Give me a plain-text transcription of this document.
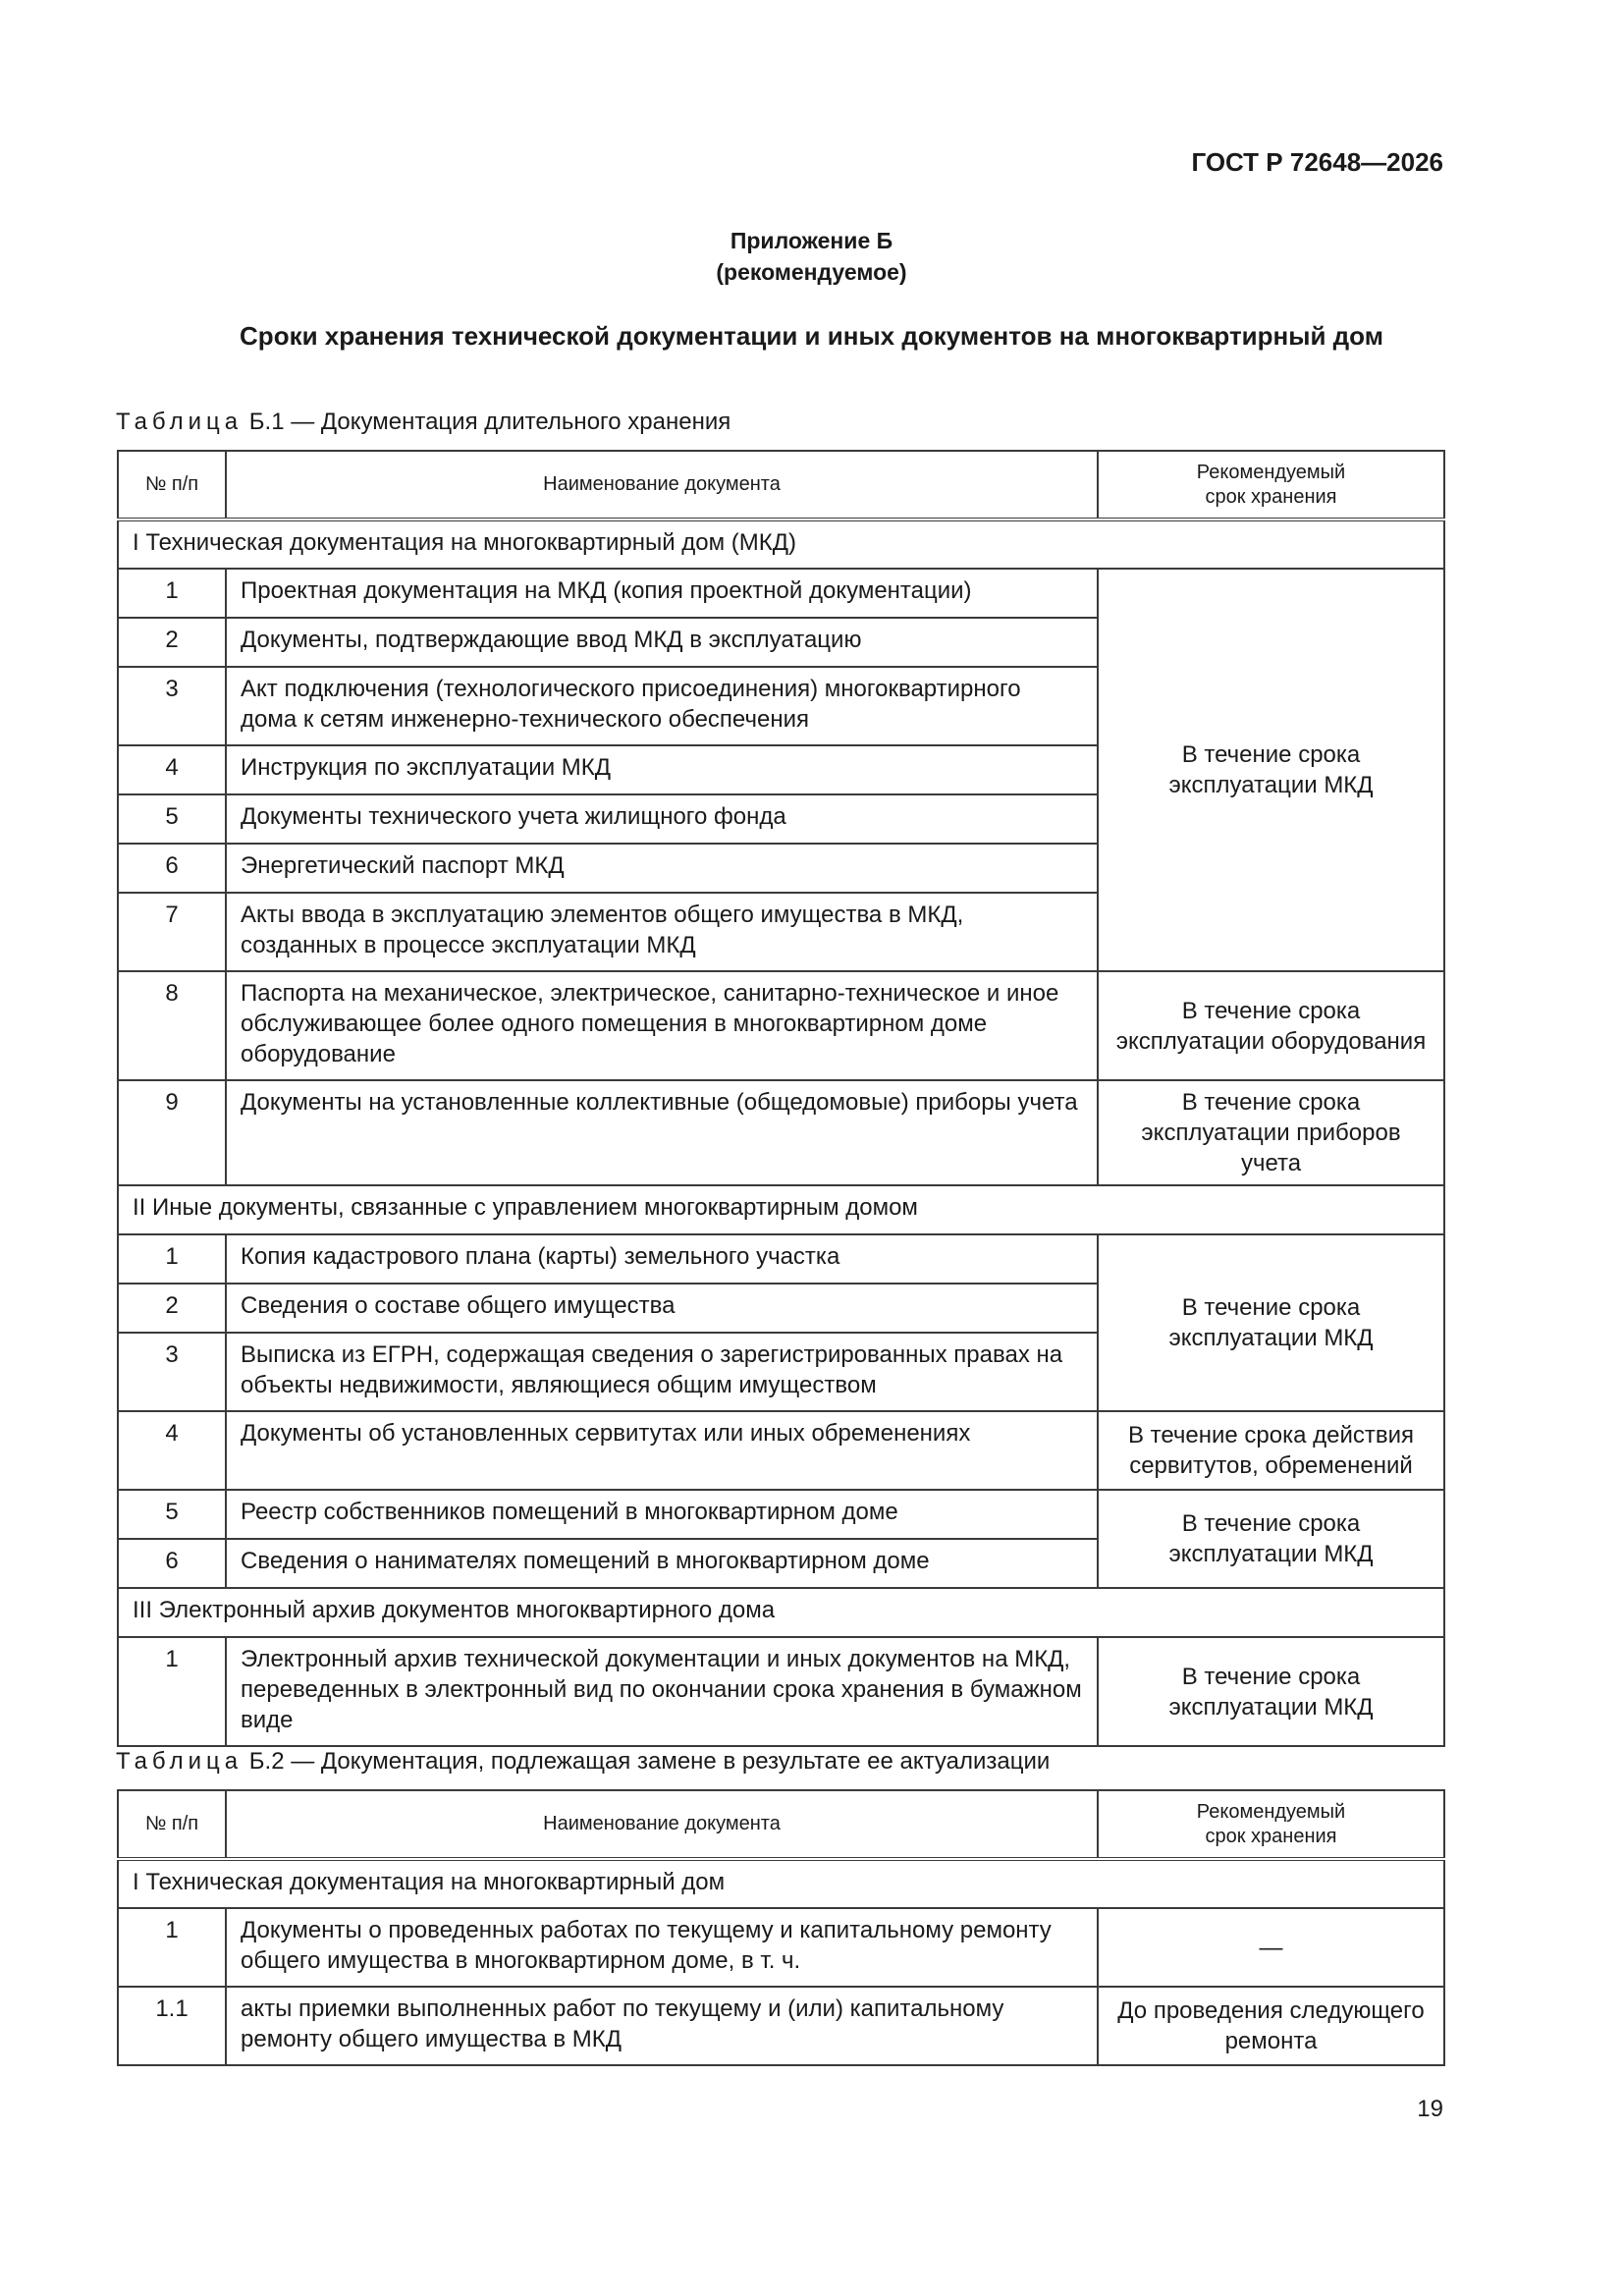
ГОСТ Р 72648—2026
Приложение Б
(рекомендуемое)
Сроки хранения технической документации и иных документов на многоквартирный дом
Таблица Б.1 — Документация длительного хранения
№ п/п	Наименование документа	Рекомендуемый
срок хранения
I Техническая документация на многоквартирный дом (МКД)		
1	Проектная документация на МКД (копия проектной документации)	В течение срока эксплуатации МКД
2	Документы, подтверждающие ввод МКД в эксплуатацию	
3	Акт подключения (технологического присоединения) многоквартирного дома к сетям инженерно-технического обеспечения	
4	Инструкция по эксплуатации МКД	
5	Документы технического учета жилищного фонда	
6	Энергетический паспорт МКД	
7	Акты ввода в эксплуатацию элементов общего имущества в МКД, созданных в процессе эксплуатации МКД	
8	Паспорта на механическое, электрическое, санитарно-техническое и иное обслуживающее более одного помещения в многоквартирном доме оборудование	В течение срока эксплуатации оборудования
9	Документы на установленные коллективные (общедомовые) приборы учета	В течение срока эксплуатации приборов учета
II Иные документы, связанные с управлением многоквартирным домом		
1	Копия кадастрового плана (карты) земельного участка	В течение срока эксплуатации МКД
2	Сведения о составе общего имущества	
3	Выписка из ЕГРН, содержащая сведения о зарегистрированных правах на объекты недвижимости, являющиеся общим имуществом	
4	Документы об установленных сервитутах или иных обременениях	В течение срока действия сервитутов, обременений
5	Реестр собственников помещений в многоквартирном доме	В течение срока эксплуатации МКД
6	Сведения о нанимателях помещений в многоквартирном доме	
III Электронный архив документов многоквартирного дома		
1	Электронный архив технической документации и иных документов на МКД, переведенных в электронный вид по окончании срока хранения в бумажном виде	В течение срока эксплуатации МКД
Таблица Б.2 — Документация, подлежащая замене в результате ее актуализации
№ п/п	Наименование документа	Рекомендуемый
срок хранения
I Техническая документация на многоквартирный дом		
1	Документы о проведенных работах по текущему и капитальному ремонту общего имущества в многоквартирном доме, в т. ч.	—
1.1	акты приемки выполненных работ по текущему и (или) капитальному ремонту общего имущества в МКД	До проведения следующего ремонта
19
